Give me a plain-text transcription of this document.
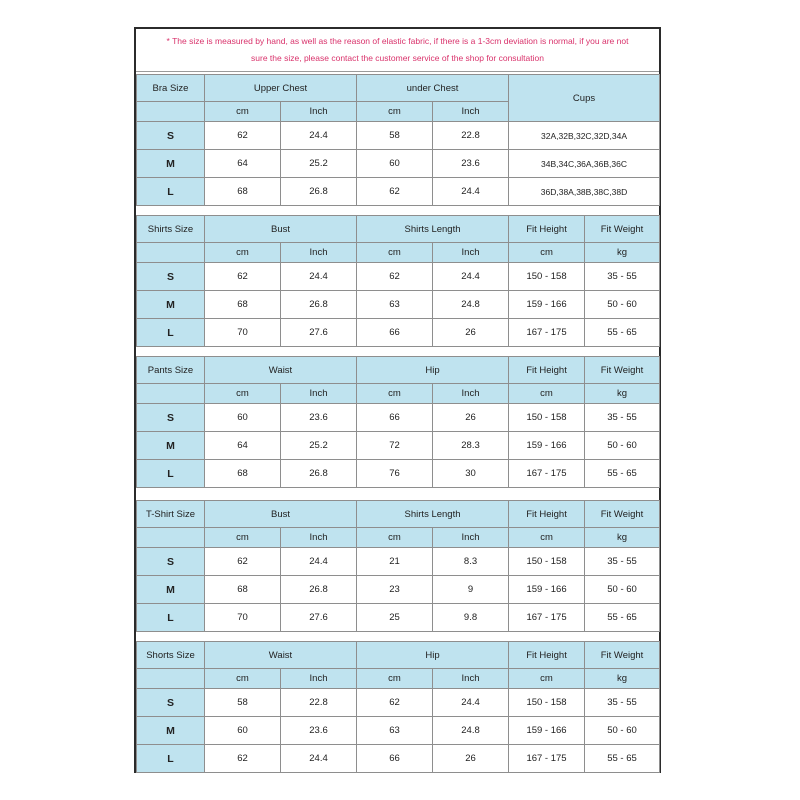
* The size is measured by hand, as well as the reason of elastic fabric, if there is a 1-3cm deviation is normal, if you are not
sure the size, please contact the customer service of the shop for consultation
Bra Size	Upper Chest		under Chest		Cups
	cm	Inch	cm	Inch	
S	62	24.4	58	22.8	32A,32B,32C,32D,34A
M	64	25.2	60	23.6	34B,34C,36A,36B,36C
L	68	26.8	62	24.4	36D,38A,38B,38C,38D
Shirts Size	Bust		Shirts Length		Fit Height	Fit Weight
	cm	Inch	cm	Inch	cm	kg
S	62	24.4	62	24.4	150 - 158	35 - 55
M	68	26.8	63	24.8	159 - 166	50 - 60
L	70	27.6	66	26	167 - 175	55 - 65
Pants Size	Waist		Hip		Fit Height	Fit Weight
	cm	Inch	cm	Inch	cm	kg
S	60	23.6	66	26	150 - 158	35 - 55
M	64	25.2	72	28.3	159 - 166	50 - 60
L	68	26.8	76	30	167 - 175	55 - 65
T-Shirt Size	Bust		Shirts Length		Fit Height	Fit Weight
	cm	Inch	cm	Inch	cm	kg
S	62	24.4	21	8.3	150 - 158	35 - 55
M	68	26.8	23	9	159 - 166	50 - 60
L	70	27.6	25	9.8	167 - 175	55 - 65
Shorts Size	Waist		Hip		Fit Height	Fit Weight
	cm	Inch	cm	Inch	cm	kg
S	58	22.8	62	24.4	150 - 158	35 - 55
M	60	23.6	63	24.8	159 - 166	50 - 60
L	62	24.4	66	26	167 - 175	55 - 65
